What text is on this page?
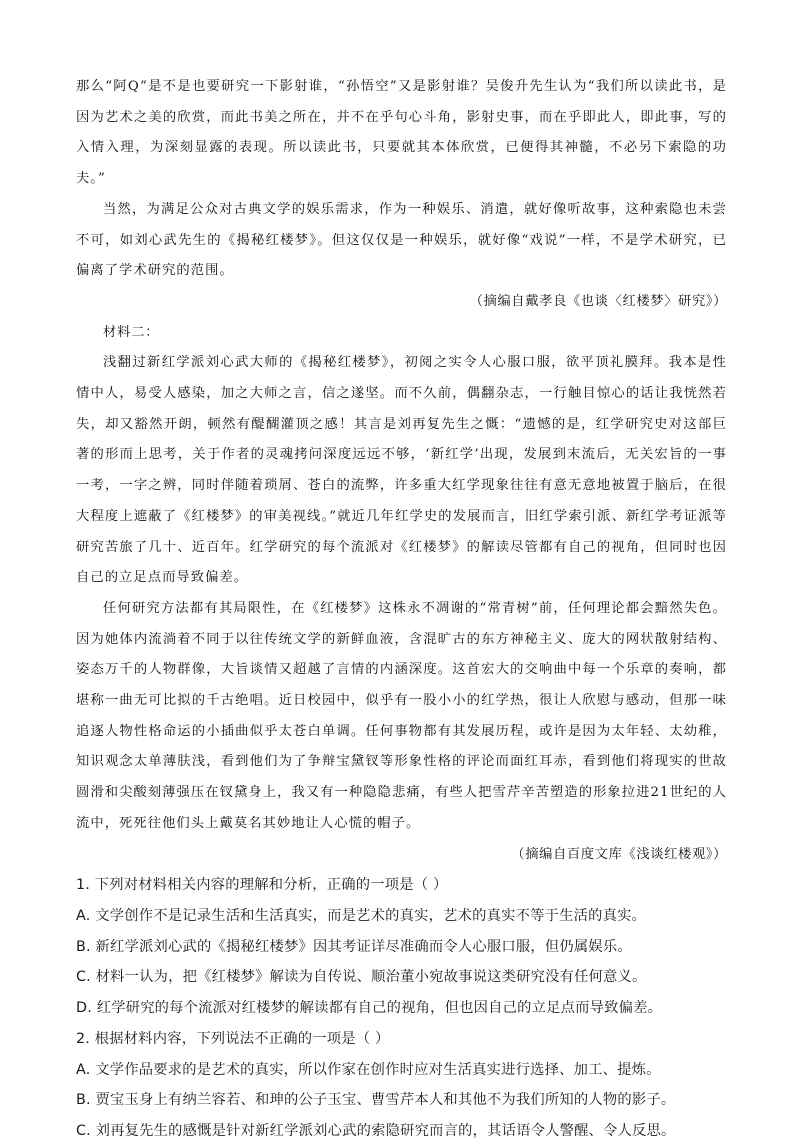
那么“阿Q”是不是也要研究一下影射谁，“孙悟空”又是影射谁？吴俊升先生认为“我们所以读此书，是因为艺术之美的欣赏，而此书美之所在，并不在乎句心斗角，影射史事，而在乎即此人，即此事，写的入情入理，为深刻显露的表现。所以读此书，只要就其本体欣赏，已便得其神髓，不必另下索隐的功夫。”

当然，为满足公众对古典文学的娱乐需求，作为一种娱乐、消遣，就好像听故事，这种索隐也未尝不可，如刘心武先生的《揭秘红楼梦》。但这仅仅是一种娱乐，就好像“戏说”一样，不是学术研究，已偏离了学术研究的范围。

（摘编自戴孝良《也谈〈红楼梦〉研究》）

材料二：

浅翻过新红学派刘心武大师的《揭秘红楼梦》，初阅之实令人心服口服，欲平顶礼膜拜。我本是性情中人，易受人感染，加之大师之言，信之遂坚。而不久前，偶翻杂志，一行触目惊心的话让我恍然若失，却又豁然开朗，顿然有醍醐灌顶之感！其言是刘再复先生之慨：“遗憾的是，红学研究史对这部巨著的形而上思考，关于作者的灵魂拷问深度远远不够，‘新红学’出现，发展到末流后，无关宏旨的一事一考，一字之辨，同时伴随着琐屑、苍白的流弊，许多重大红学现象往往有意无意地被置于脑后，在很大程度上遮蔽了《红楼梦》的审美视线。”就近几年红学史的发展而言，旧红学索引派、新红学考证派等研究苦旅了几十、近百年。红学研究的每个流派对《红楼梦》的解读尽管都有自己的视角，但同时也因自己的立足点而导致偏差。

任何研究方法都有其局限性，在《红楼梦》这株永不凋谢的“常青树”前，任何理论都会黯然失色。因为她体内流淌着不同于以往传统文学的新鲜血液，含混旷古的东方神秘主义、庞大的网状散射结构、姿态万千的人物群像，大旨谈情又超越了言情的内涵深度。这首宏大的交响曲中每一个乐章的奏响，都堪称一曲无可比拟的千古绝唱。近日校园中，似乎有一股小小的红学热，很让人欣慰与感动，但那一味追逐人物性格命运的小插曲似乎太苍白单调。任何事物都有其发展历程，或许是因为太年轻、太幼稚，知识观念太单薄肤浅，看到他们为了争辩宝黛钗等形象性格的评论而面红耳赤，看到他们将现实的世故圆滑和尖酸刻薄强压在钗黛身上，我又有一种隐隐悲痛，有些人把雪芹辛苦塑造的形象拉进21世纪的人流中，死死往他们头上戴莫名其妙地让人心慌的帽子。

（摘编自百度文库《浅谈红楼观》）

1. 下列对材料相关内容的理解和分析，正确的一项是（ ）

A. 文学创作不是记录生活和生活真实，而是艺术的真实，艺术的真实不等于生活的真实。

B. 新红学派刘心武的《揭秘红楼梦》因其考证详尽准确而令人心服口服，但仍属娱乐。

C. 材料一认为，把《红楼梦》解读为自传说、顺治董小宛故事说这类研究没有任何意义。

D. 红学研究的每个流派对红楼梦的解读都有自己的视角，但也因自己的立足点而导致偏差。

2. 根据材料内容，下列说法不正确的一项是（ ）

A. 文学作品要求的是艺术的真实，所以作家在创作时应对生活真实进行选择、加工、提炼。

B. 贾宝玉身上有纳兰容若、和珅的公子玉宝、曹雪芹本人和其他不为我们所知的人物的影子。

C. 刘再复先生的感慨是针对新红学派刘心武的索隐研究而言的，其话语令人警醒、令人反思。
